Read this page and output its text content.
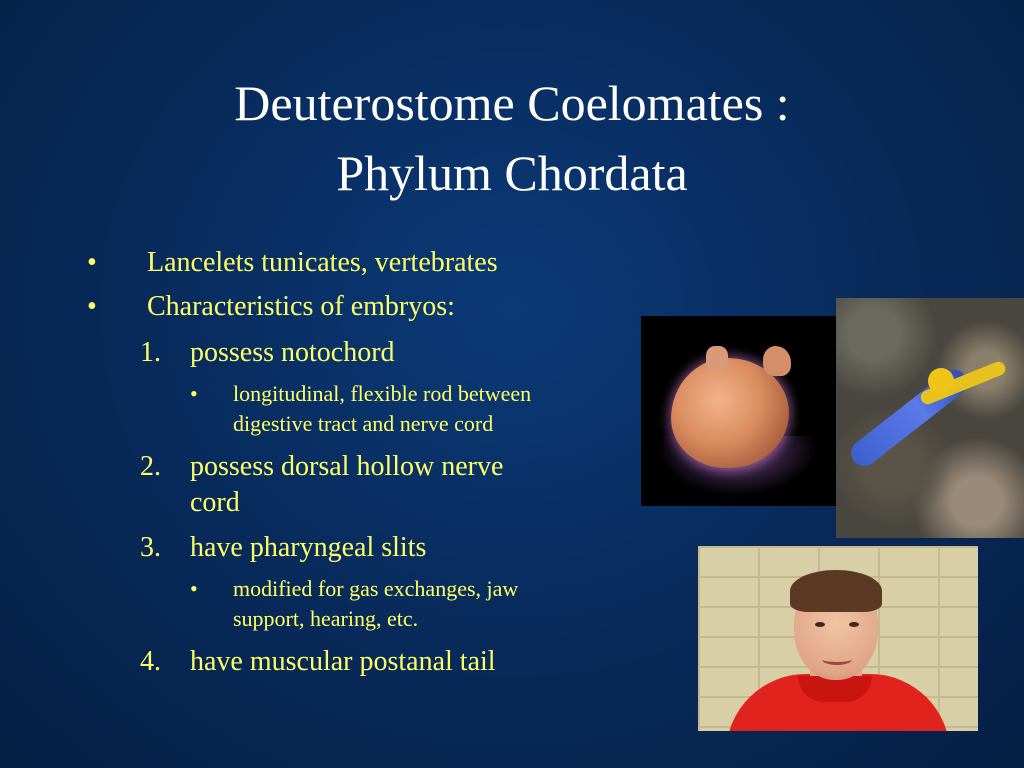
Deuterostome Coelomates :
Phylum Chordata
• Lancelets tunicates, vertebrates
• Characteristics of embryos:
1. possess notochord
• longitudinal, flexible rod between
digestive tract and nerve cord
2. possess dorsal hollow nerve
cord
3. have pharyngeal slits
• modified for gas exchanges, jaw
support, hearing, etc.
4. have muscular postanal tail
